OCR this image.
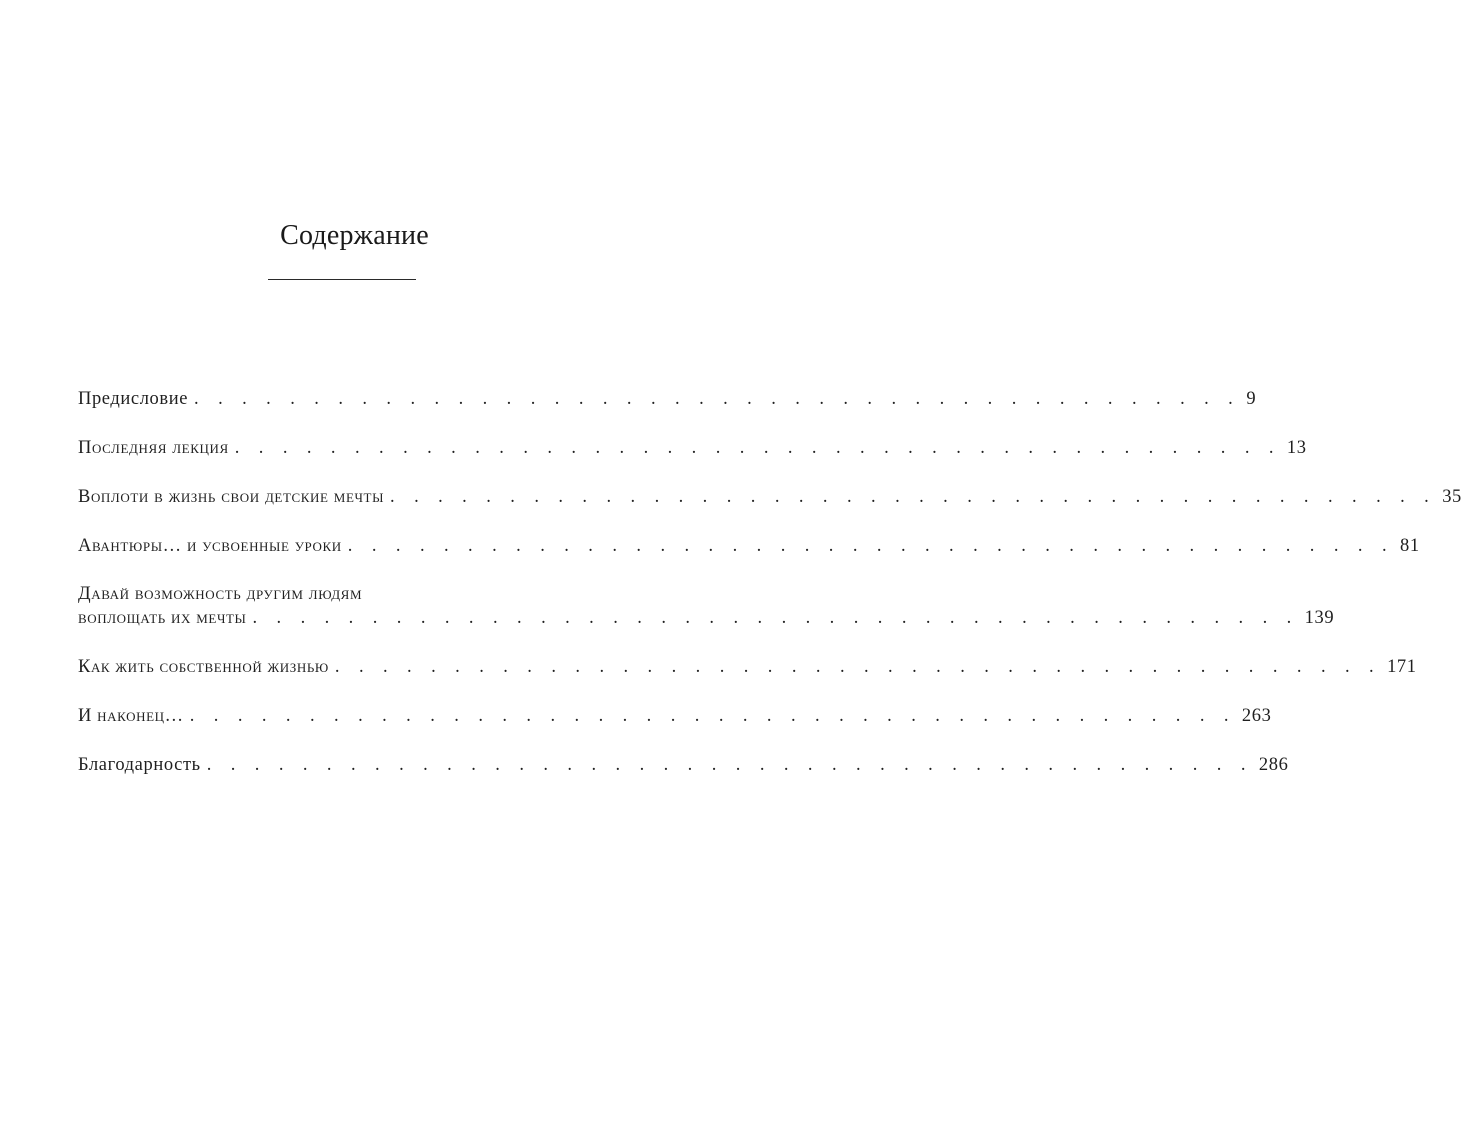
Содержание
Предисловие . . . . . . . . . . . . . . . . . . . . . . . . . . . . . . . . . . . . . . . . . . . . 9
Последняя лекция . . . . . . . . . . . . . . . . . . . . . . . . . . . . . . . . . . . . . . . . . . . . 13
Воплоти в жизнь свои детские мечты . . . . . . . . . . . . . . . . . . . . . . . . . . . . . . . . . . . . . . . . . . . . 35
Авантюры… и усвоенные уроки . . . . . . . . . . . . . . . . . . . . . . . . . . . . . . . . . . . . . . . . . . . . 81
Давай возможность другим людям
воплощать их мечты . . . . . . . . . . . . . . . . . . . . . . . . . . . . . . . . . . . . . . . . . . . . 139
Как жить собственной жизнью . . . . . . . . . . . . . . . . . . . . . . . . . . . . . . . . . . . . . . . . . . . . 171
И наконец… . . . . . . . . . . . . . . . . . . . . . . . . . . . . . . . . . . . . . . . . . . . . 263
Благодарность . . . . . . . . . . . . . . . . . . . . . . . . . . . . . . . . . . . . . . . . . . . . 286
